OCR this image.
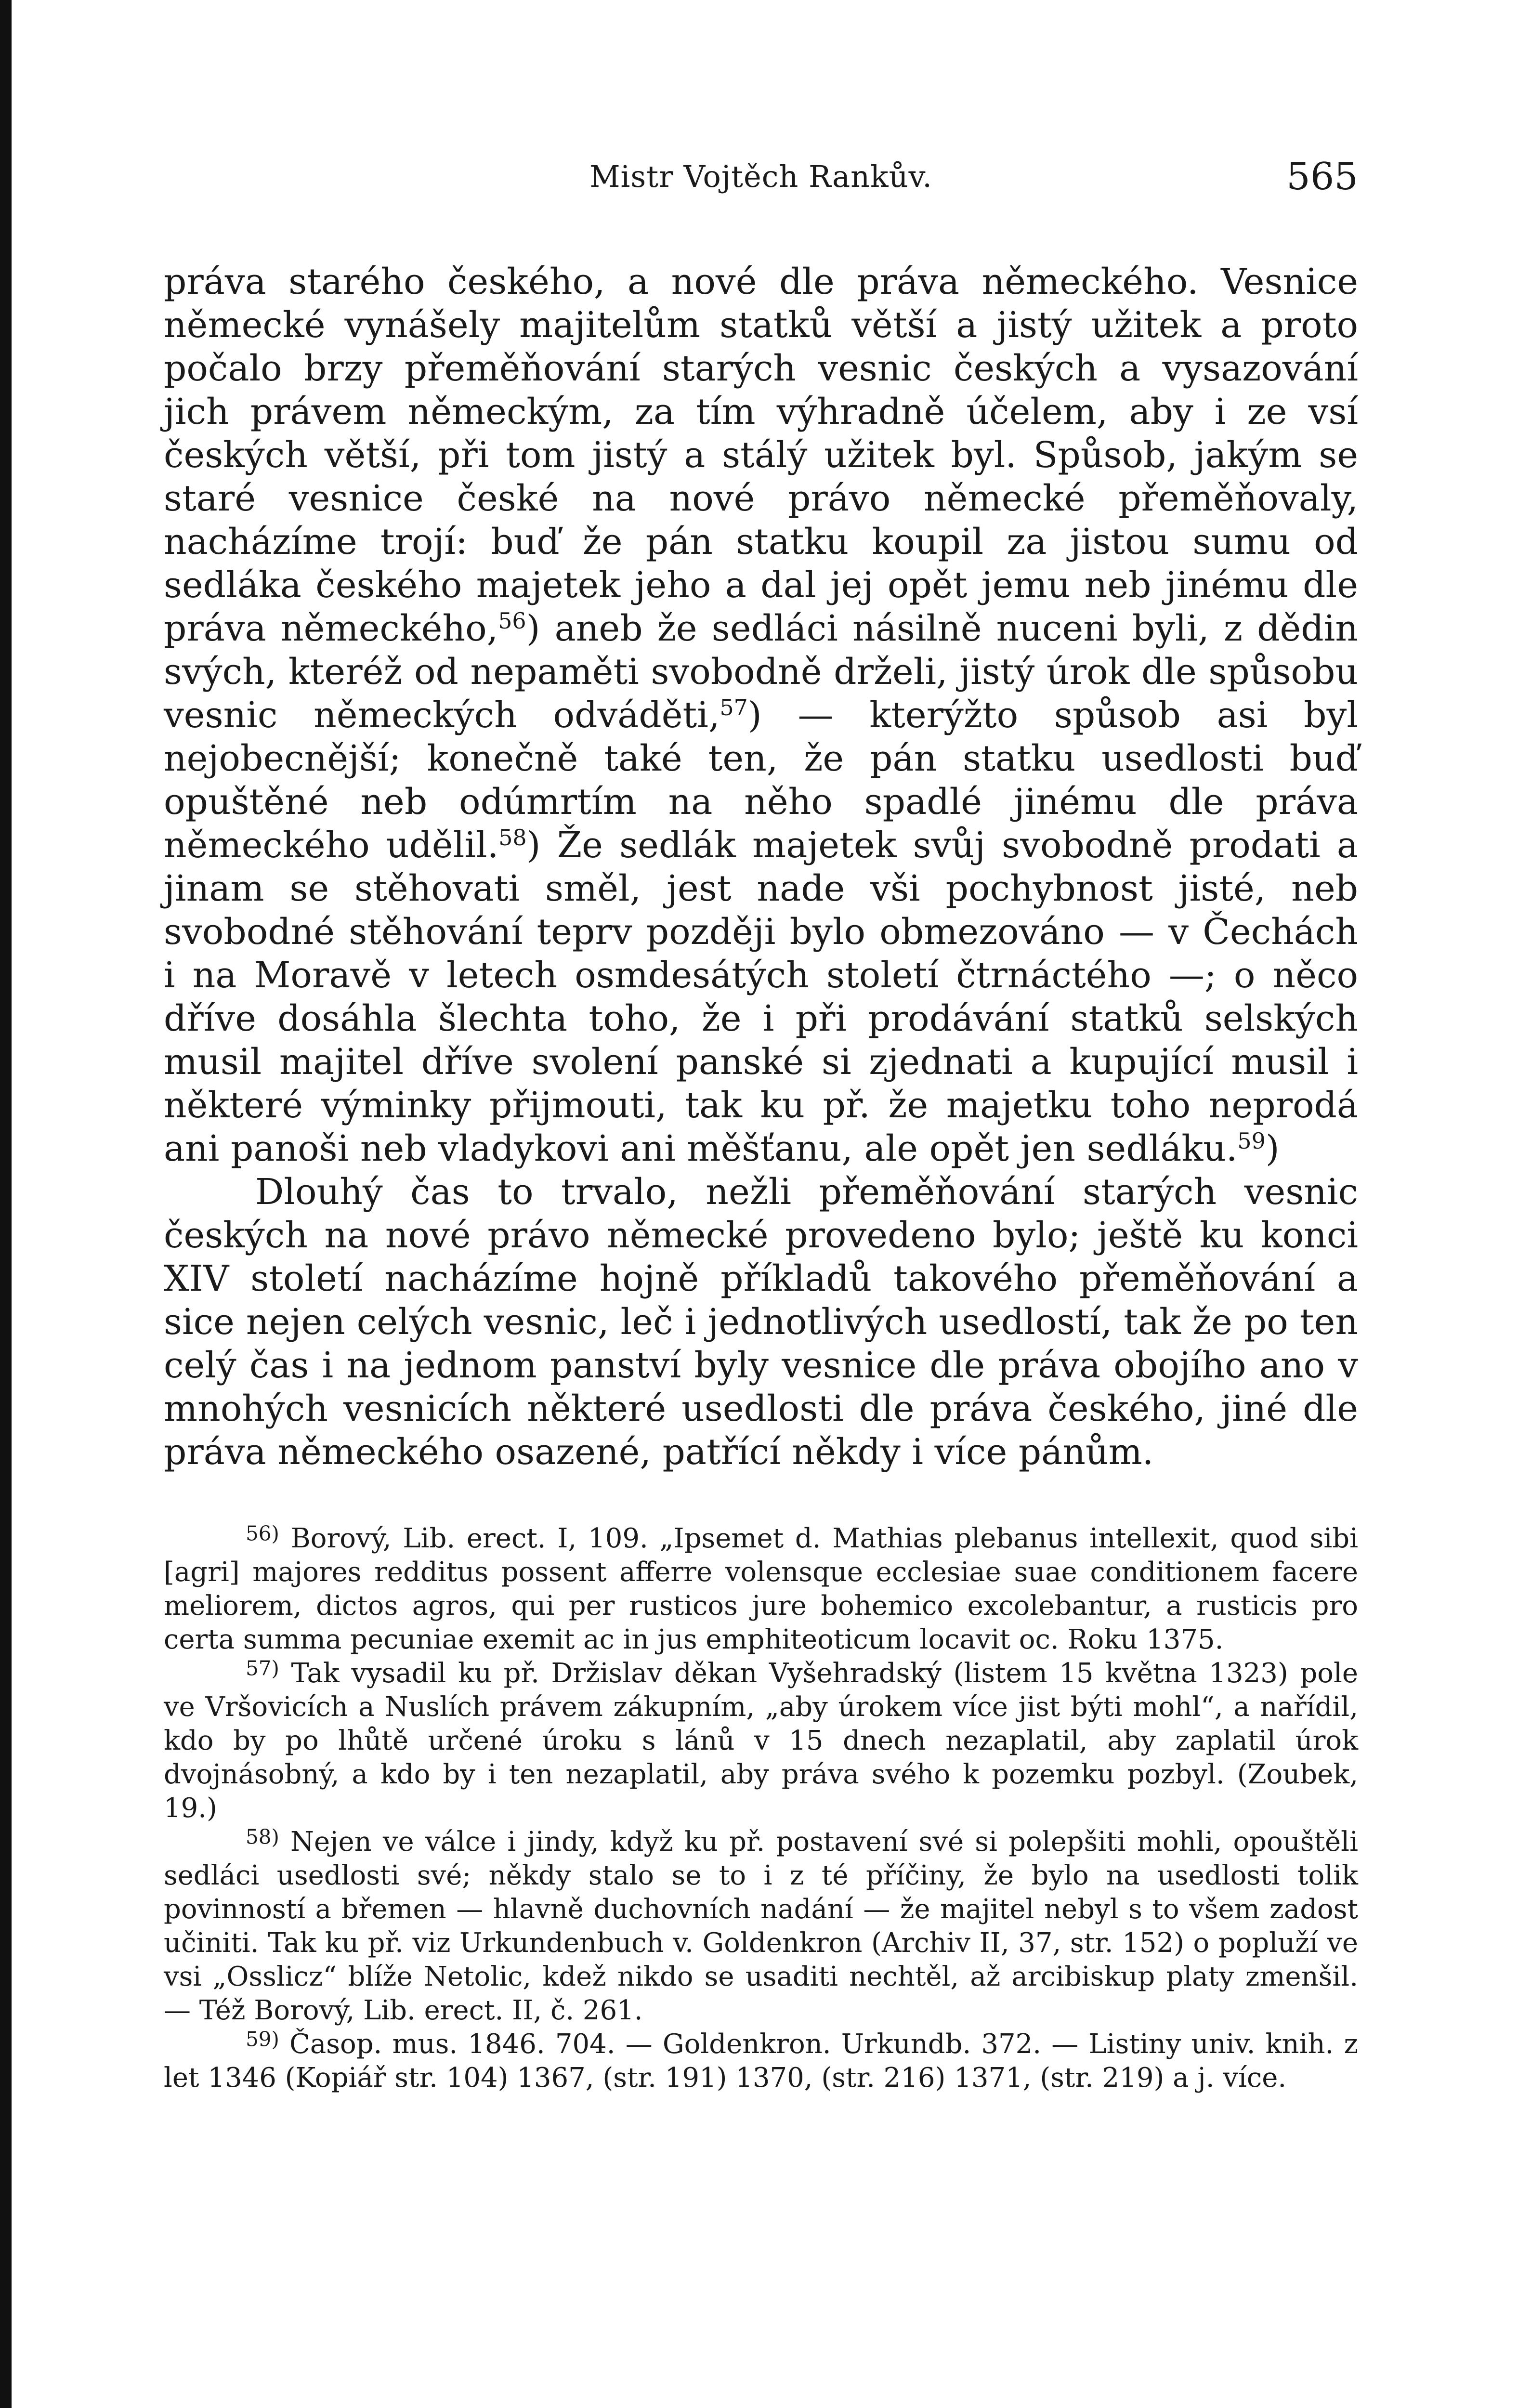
Mistr Vojtěch Rankův.	565

práva starého českého, a nové dle práva německého. Vesnice německé vynášely majitelům statků větší a jistý užitek a proto počalo brzy přeměňování starých vesnic českých a vysazování jich právem německým, za tím výhradně účelem, aby i ze vsí českých větší, při tom jistý a stálý užitek byl. Spůsob, jakým se staré vesnice české na nové právo německé přeměňovaly, nacházíme trojí: buď že pán statku koupil za jistou sumu od sedláka českého majetek jeho a dal jej opět jemu neb jinému dle práva německého,$^{56}$) aneb že sedláci násilně nuceni byli, z dědin svých, kteréž od nepaměti svobodně drželi, jistý úrok dle spůsobu vesnic německých odváděti,$^{57}$) — kterýžto spůsob asi byl nejobecnější; konečně také ten, že pán statku usedlosti buď opuštěné neb odúmrtím na něho spadlé jinému dle práva německého udělil.$^{58}$) Že sedlák majetek svůj svobodně prodati a jinam se stěhovati směl, jest nade vši pochybnost jisté, neb svobodné stěhování teprv později bylo obmezováno — v Čechách i na Moravě v letech osmdesátých století čtrnáctého —; o něco dříve dosáhla šlechta toho, že i při prodávání statků selských musil majitel dříve svolení panské si zjednati a kupující musil i některé výminky přijmouti, tak ku př. že majetku toho neprodá ani panoši neb vladykovi ani měšťanu, ale opět jen sedláku.$^{59}$)

Dlouhý čas to trvalo, nežli přeměňování starých vesnic českých na nové právo německé provedeno bylo; ještě ku konci XIV století nacházíme hojně příkladů takového přeměňování a sice nejen celých vesnic, leč i jednotlivých usedlostí, tak že po ten celý čas i na jednom panství byly vesnice dle práva obojího ano v mnohých vesnicích některé usedlosti dle práva českého, jiné dle práva německého osazené, patřící někdy i více pánům.

$^{56)}$ Borový, Lib. erect. I, 109. „Ipsemet d. Mathias plebanus intellexit, quod sibi [agri] majores redditus possent afferre volensque ecclesiae suae conditionem facere meliorem, dictos agros, qui per rusticos jure bohemico excolebantur, a rusticis pro certa summa pecuniae exemit ac in jus emphiteoticum locavit oc. Roku 1375.

$^{57)}$ Tak vysadil ku př. Držislav děkan Vyšehradský (listem 15 května 1323) pole ve Vršovicích a Nuslích právem zákupním, „aby úrokem více jist býti mohl“, a nařídil, kdo by po lhůtě určené úroku s lánů v 15 dnech nezaplatil, aby zaplatil úrok dvojnásobný, a kdo by i ten nezaplatil, aby práva svého k pozemku pozbyl. (Zoubek, 19.)

$^{58)}$ Nejen ve válce i jindy, když ku př. postavení své si polepšiti mohli, opouštěli sedláci usedlosti své; někdy stalo se to i z té příčiny, že bylo na usedlosti tolik povinností a břemen — hlavně duchovních nadání — že majitel nebyl s to všem zadost učiniti. Tak ku př. viz Urkundenbuch v. Goldenkron (Archiv II, 37, str. 152) o popluží ve vsi „Osslicz“ blíže Netolic, kdež nikdo se usaditi nechtěl, až arcibiskup platy zmenšil. — Též Borový, Lib. erect. II, č. 261.

$^{59)}$ Časop. mus. 1846. 704. — Goldenkron. Urkundb. 372. — Listiny univ. knih. z let 1346 (Kopiář str. 104) 1367, (str. 191) 1370, (str. 216) 1371, (str. 219) a j. více.
